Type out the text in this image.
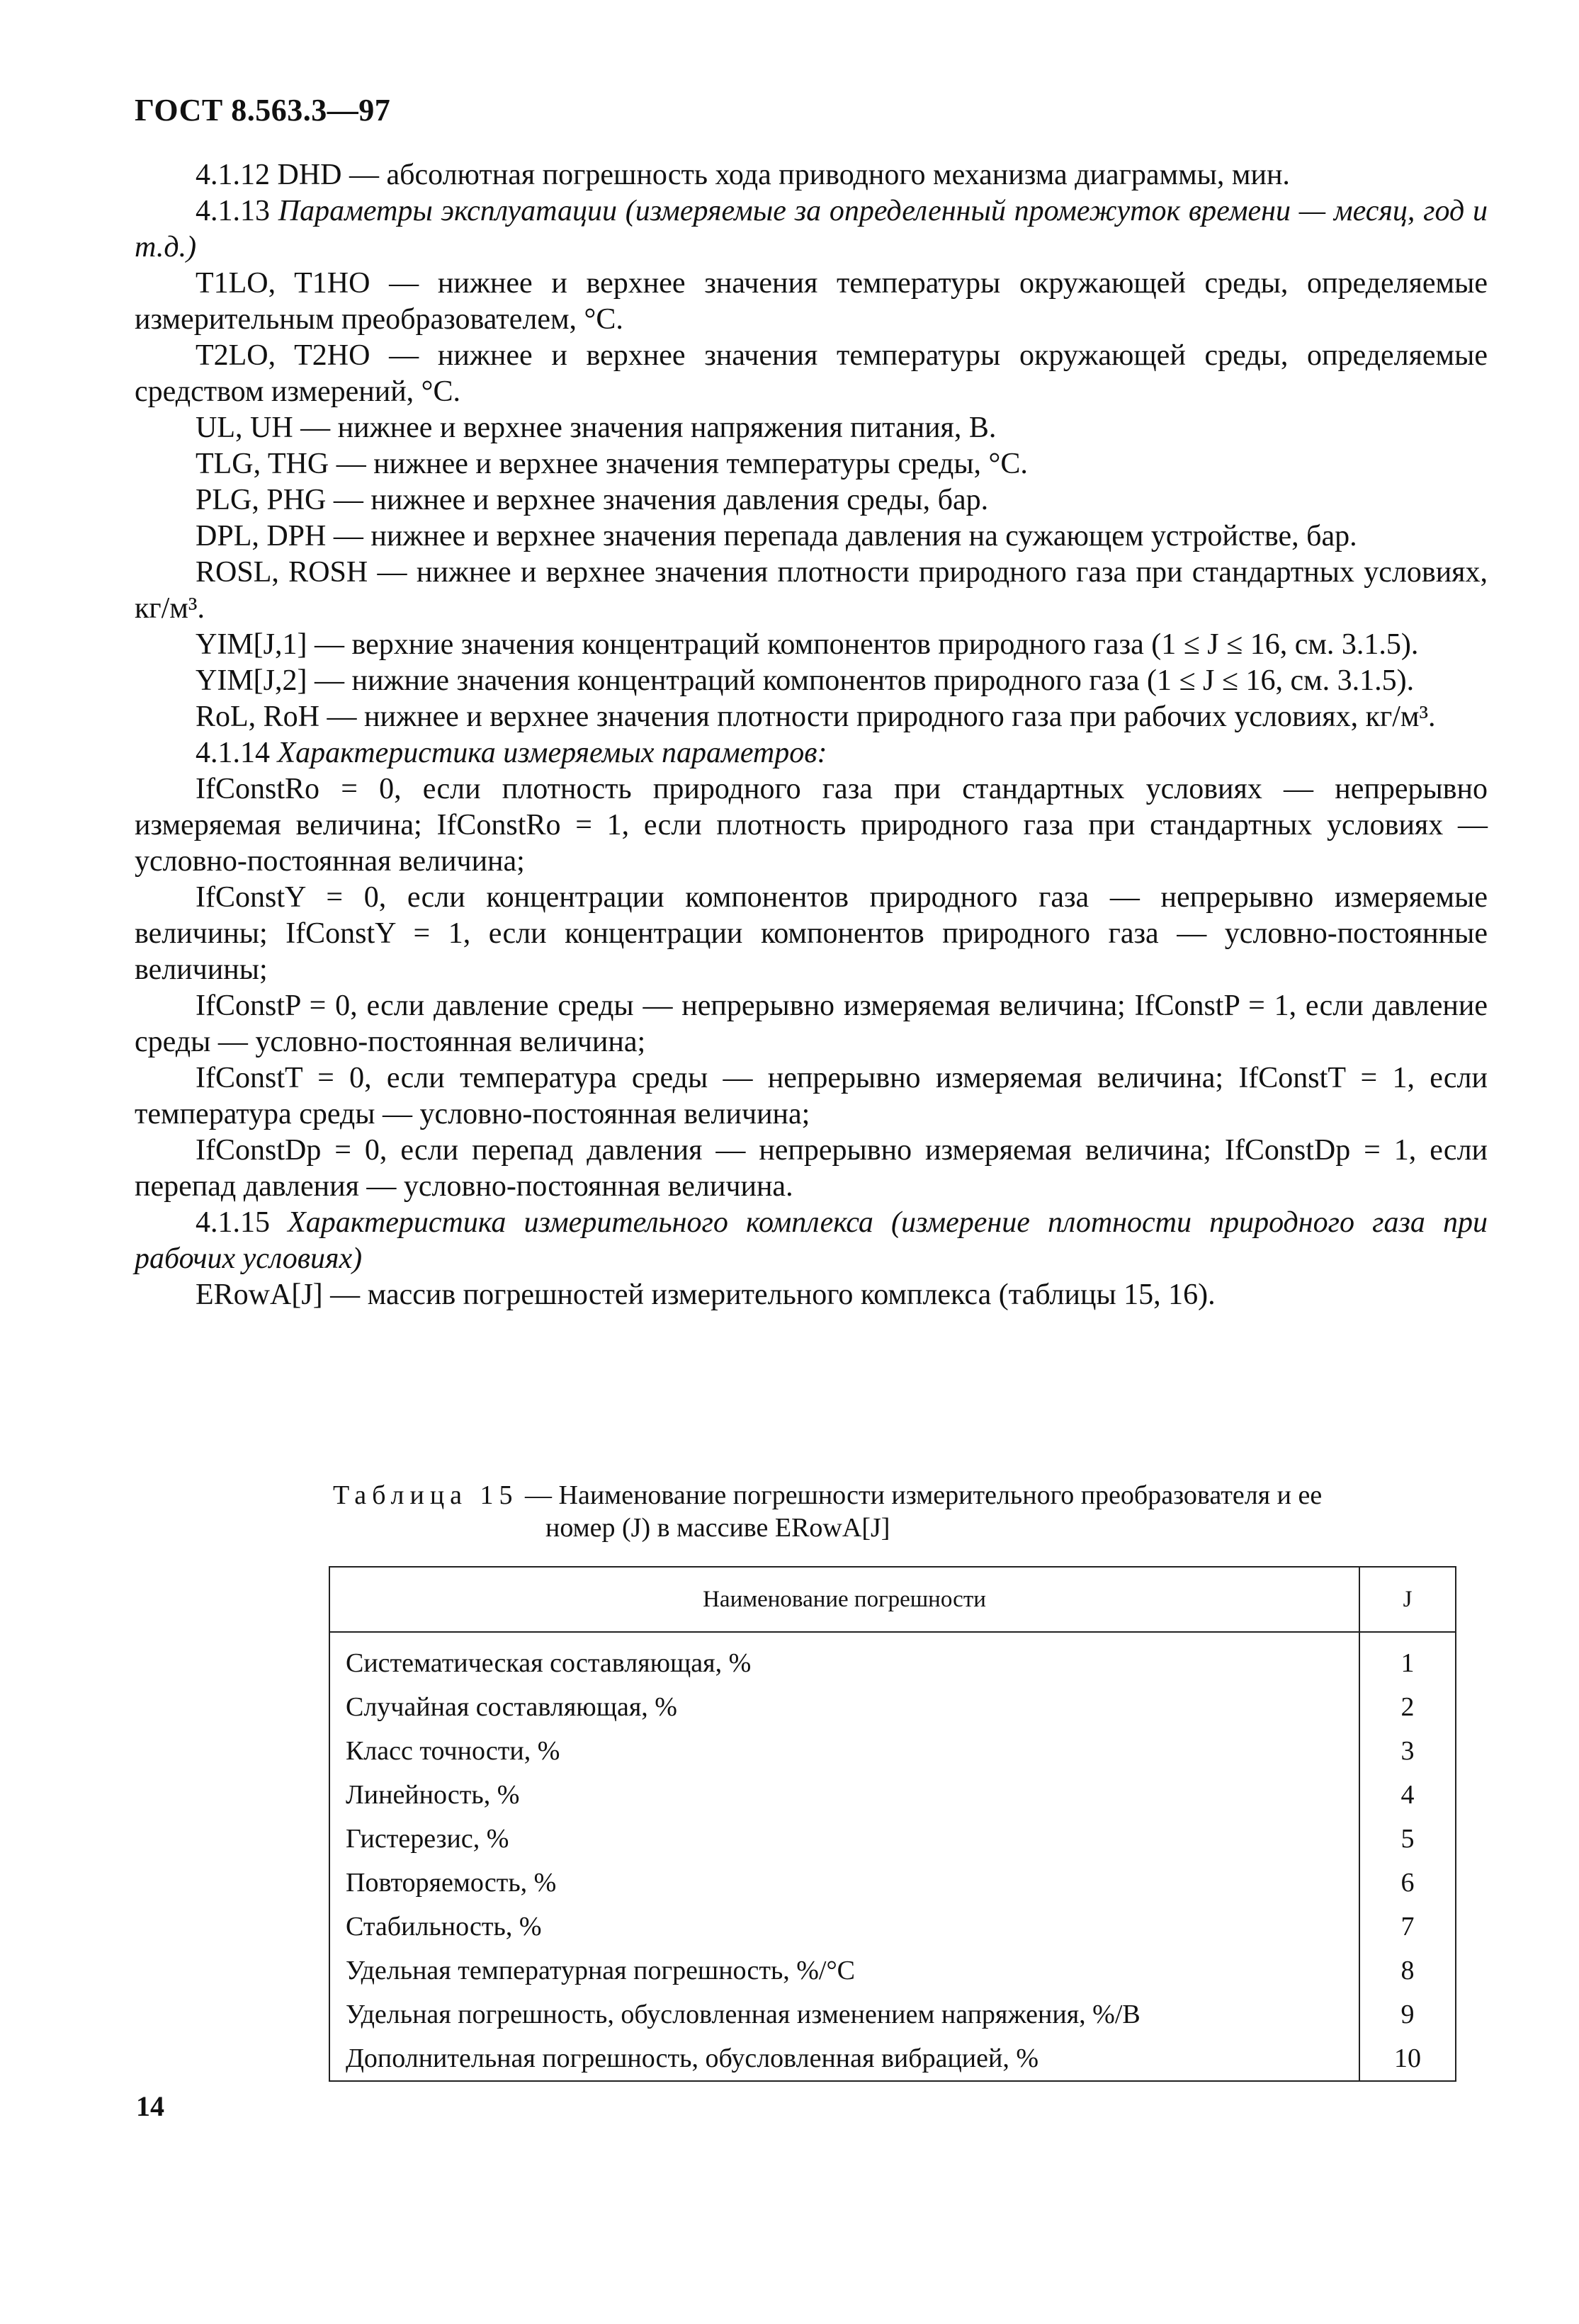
ГОСТ 8.563.3—97

4.1.12 DHD — абсолютная погрешность хода приводного механизма диаграммы, мин.

4.1.13 Параметры эксплуатации (измеряемые за определенный промежуток времени — месяц, год и т.д.)

T1LO, T1HO — нижнее и верхнее значения температуры окружающей среды, определяемые измерительным преобразователем, °С.

T2LO, T2HO — нижнее и верхнее значения температуры окружающей среды, определяемые средством измерений, °С.

UL, UH — нижнее и верхнее значения напряжения питания, В.

TLG, THG — нижнее и верхнее значения температуры среды, °С.

PLG, PHG — нижнее и верхнее значения давления среды, бар.

DPL, DPH — нижнее и верхнее значения перепада давления на сужающем устройстве, бар.

ROSL, ROSH — нижнее и верхнее значения плотности природного газа при стандартных условиях, кг/м³.

YIM[J,1] — верхние значения концентраций компонентов природного газа (1 ≤ J ≤ 16, см. 3.1.5).

YIM[J,2] — нижние значения концентраций компонентов природного газа (1 ≤ J ≤ 16, см. 3.1.5).

RoL, RoH — нижнее и верхнее значения плотности природного газа при рабочих условиях, кг/м³.

4.1.14 Характеристика измеряемых параметров:

IfConstRo = 0, если плотность природного газа при стандартных условиях — непрерывно измеряемая величина; IfConstRo = 1, если плотность природного газа при стандартных условиях — условно-постоянная величина;

IfConstY = 0, если концентрации компонентов природного газа — непрерывно измеряемые величины; IfConstY = 1, если концентрации компонентов природного газа — условно-постоянные величины;

IfConstP = 0, если давление среды — непрерывно измеряемая величина; IfConstP = 1, если давление среды — условно-постоянная величина;

IfConstT = 0, если температура среды — непрерывно измеряемая величина; IfConstT = 1, если температура среды — условно-постоянная величина;

IfConstDp = 0, если перепад давления — непрерывно измеряемая величина; IfConstDp = 1, если перепад давления — условно-постоянная величина.

4.1.15 Характеристика измерительного комплекса (измерение плотности природного газа при рабочих условиях)

ERowA[J] — массив погрешностей измерительного комплекса (таблицы 15, 16).

Таблица 15 — Наименование погрешности измерительного преобразователя и ее
номер (J) в массиве ERowA[J]
Наименование погрешности	J
Систематическая составляющая, %	1
Случайная составляющая, %	2
Класс точности, %	3
Линейность, %	4
Гистерезис, %	5
Повторяемость, %	6
Стабильность, %	7
Удельная температурная погрешность, %/°С	8
Удельная погрешность, обусловленная изменением напряжения, %/В	9
Дополнительная погрешность, обусловленная вибрацией, %	10
14
